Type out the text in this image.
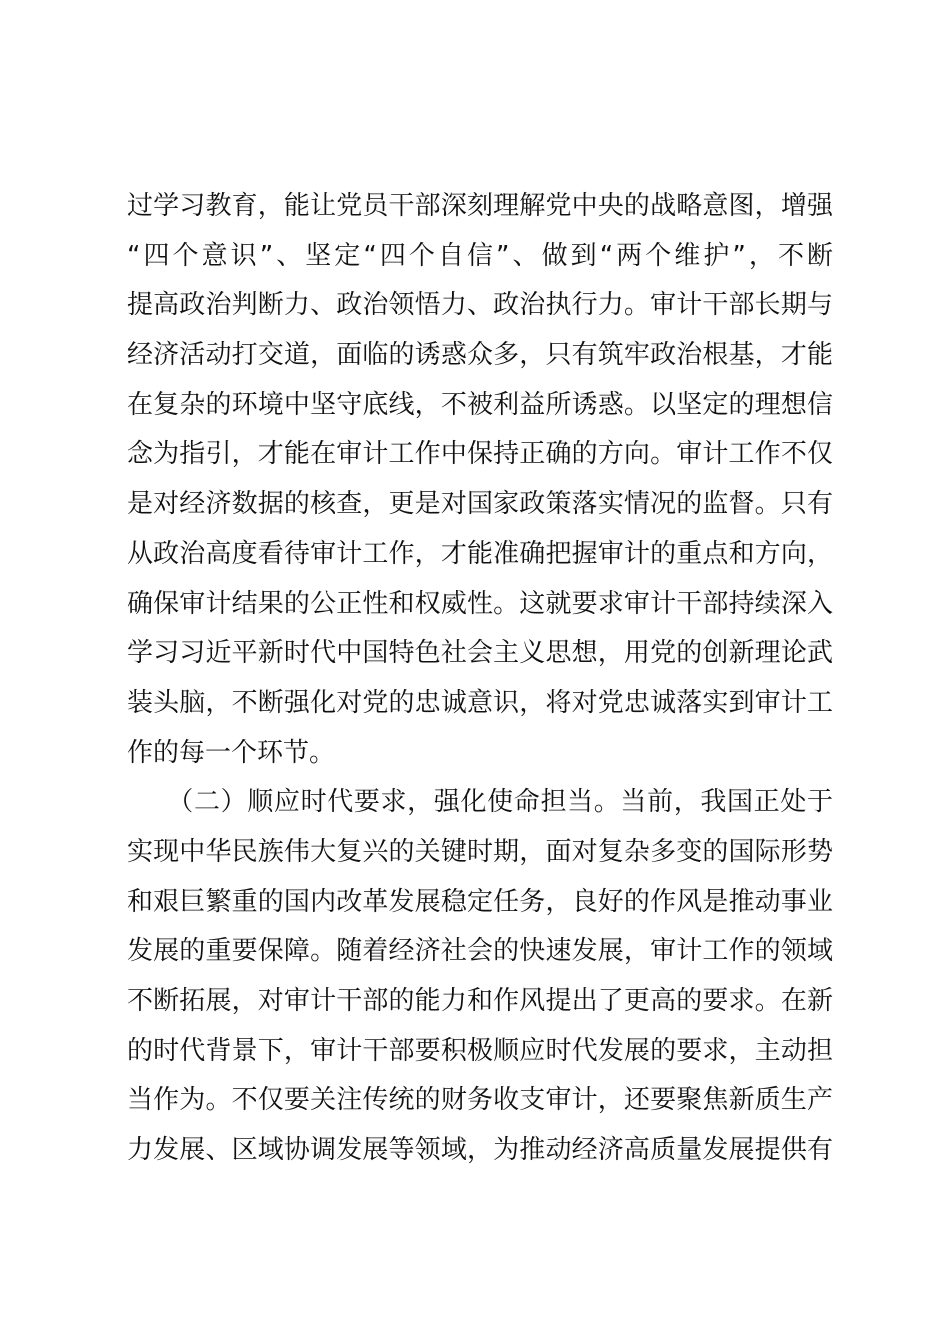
过学习教育，能让党员干部深刻理解党中央的战略意图，增强
“四个意识”、坚定“四个自信”、做到“两个维护”，不断
提高政治判断力、政治领悟力、政治执行力。审计干部长期与
经济活动打交道，面临的诱惑众多，只有筑牢政治根基，才能
在复杂的环境中坚守底线，不被利益所诱惑。以坚定的理想信
念为指引，才能在审计工作中保持正确的方向。审计工作不仅
是对经济数据的核查，更是对国家政策落实情况的监督。只有
从政治高度看待审计工作，才能准确把握审计的重点和方向，
确保审计结果的公正性和权威性。这就要求审计干部持续深入
学习习近平新时代中国特色社会主义思想，用党的创新理论武
装头脑，不断强化对党的忠诚意识，将对党忠诚落实到审计工
作的每一个环节。
　　（二）顺应时代要求，强化使命担当。当前，我国正处于
实现中华民族伟大复兴的关键时期，面对复杂多变的国际形势
和艰巨繁重的国内改革发展稳定任务，良好的作风是推动事业
发展的重要保障。随着经济社会的快速发展，审计工作的领域
不断拓展，对审计干部的能力和作风提出了更高的要求。在新
的时代背景下，审计干部要积极顺应时代发展的要求，主动担
当作为。不仅要关注传统的财务收支审计，还要聚焦新质生产
力发展、区域协调发展等领域，为推动经济高质量发展提供有
